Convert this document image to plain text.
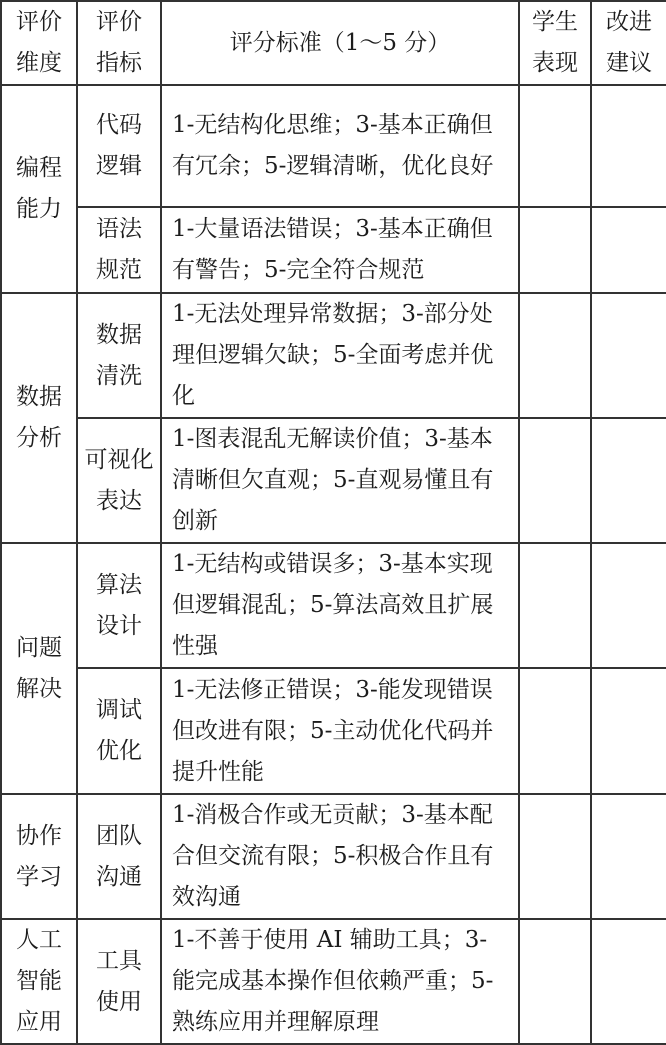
评价维度	评价指标	评分标准（1～5 分）	学生表现	改进建议
编程能力	代码逻辑	1-无结构化思维；3-基本正确但有冗余；5-逻辑清晰，优化良好		
	语法规范	1-大量语法错误；3-基本正确但有警告；5-完全符合规范		
数据分析	数据清洗	1-无法处理异常数据；3-部分处理但逻辑欠缺；5-全面考虑并优化		
	可视化表达	1-图表混乱无解读价值；3-基本清晰但欠直观；5-直观易懂且有创新		
问题解决	算法设计	1-无结构或错误多；3-基本实现但逻辑混乱；5-算法高效且扩展性强		
	调试优化	1-无法修正错误；3-能发现错误但改进有限；5-主动优化代码并提升性能		
协作学习	团队沟通	1-消极合作或无贡献；3-基本配合但交流有限；5-积极合作且有效沟通		
人工智能应用	工具使用	1-不善于使用 AI 辅助工具；3-能完成基本操作但依赖严重；5-熟练应用并理解原理		
